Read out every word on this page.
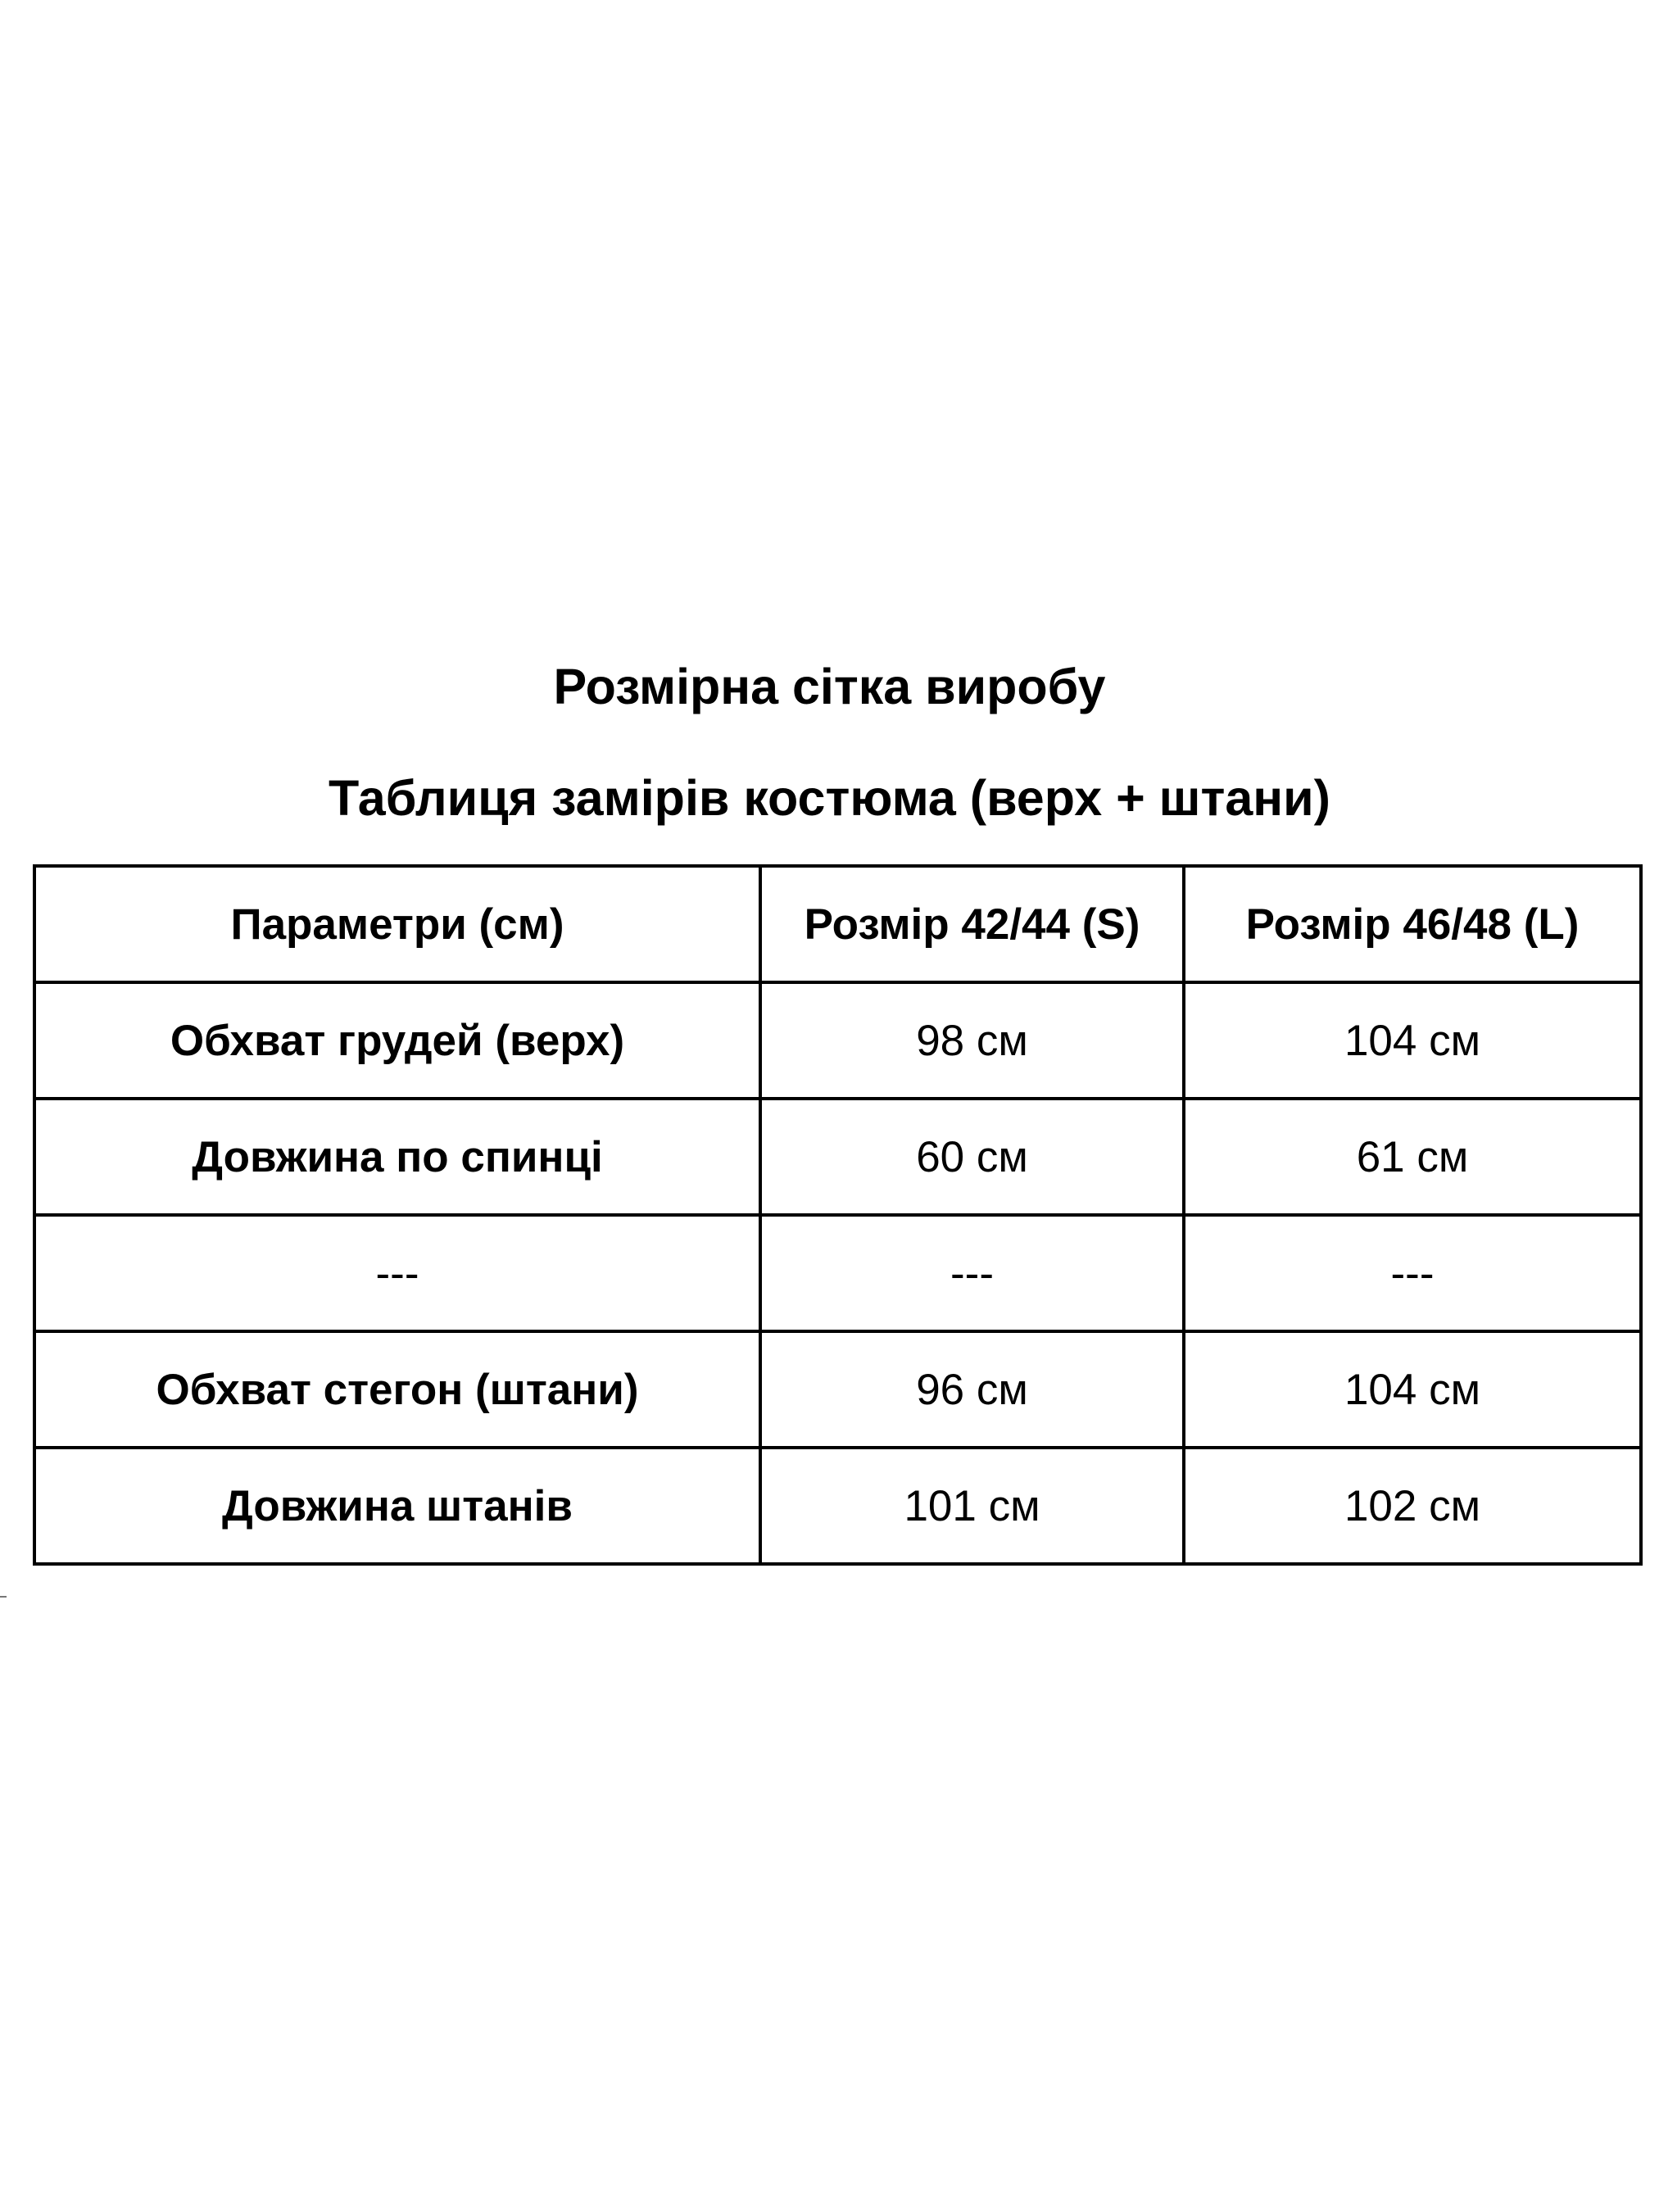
Розмірна сітка виробу
Таблиця замірів костюма (верх + штани)
Параметри (см)	Розмір 42/44 (S)	Розмір 46/48 (L)
Обхват грудей (верх)	98 см	104 см
Довжина по спинці	60 см	61 см
---	---	---
Обхват стегон (штани)	96 см	104 см
Довжина штанів	101 см	102 см
